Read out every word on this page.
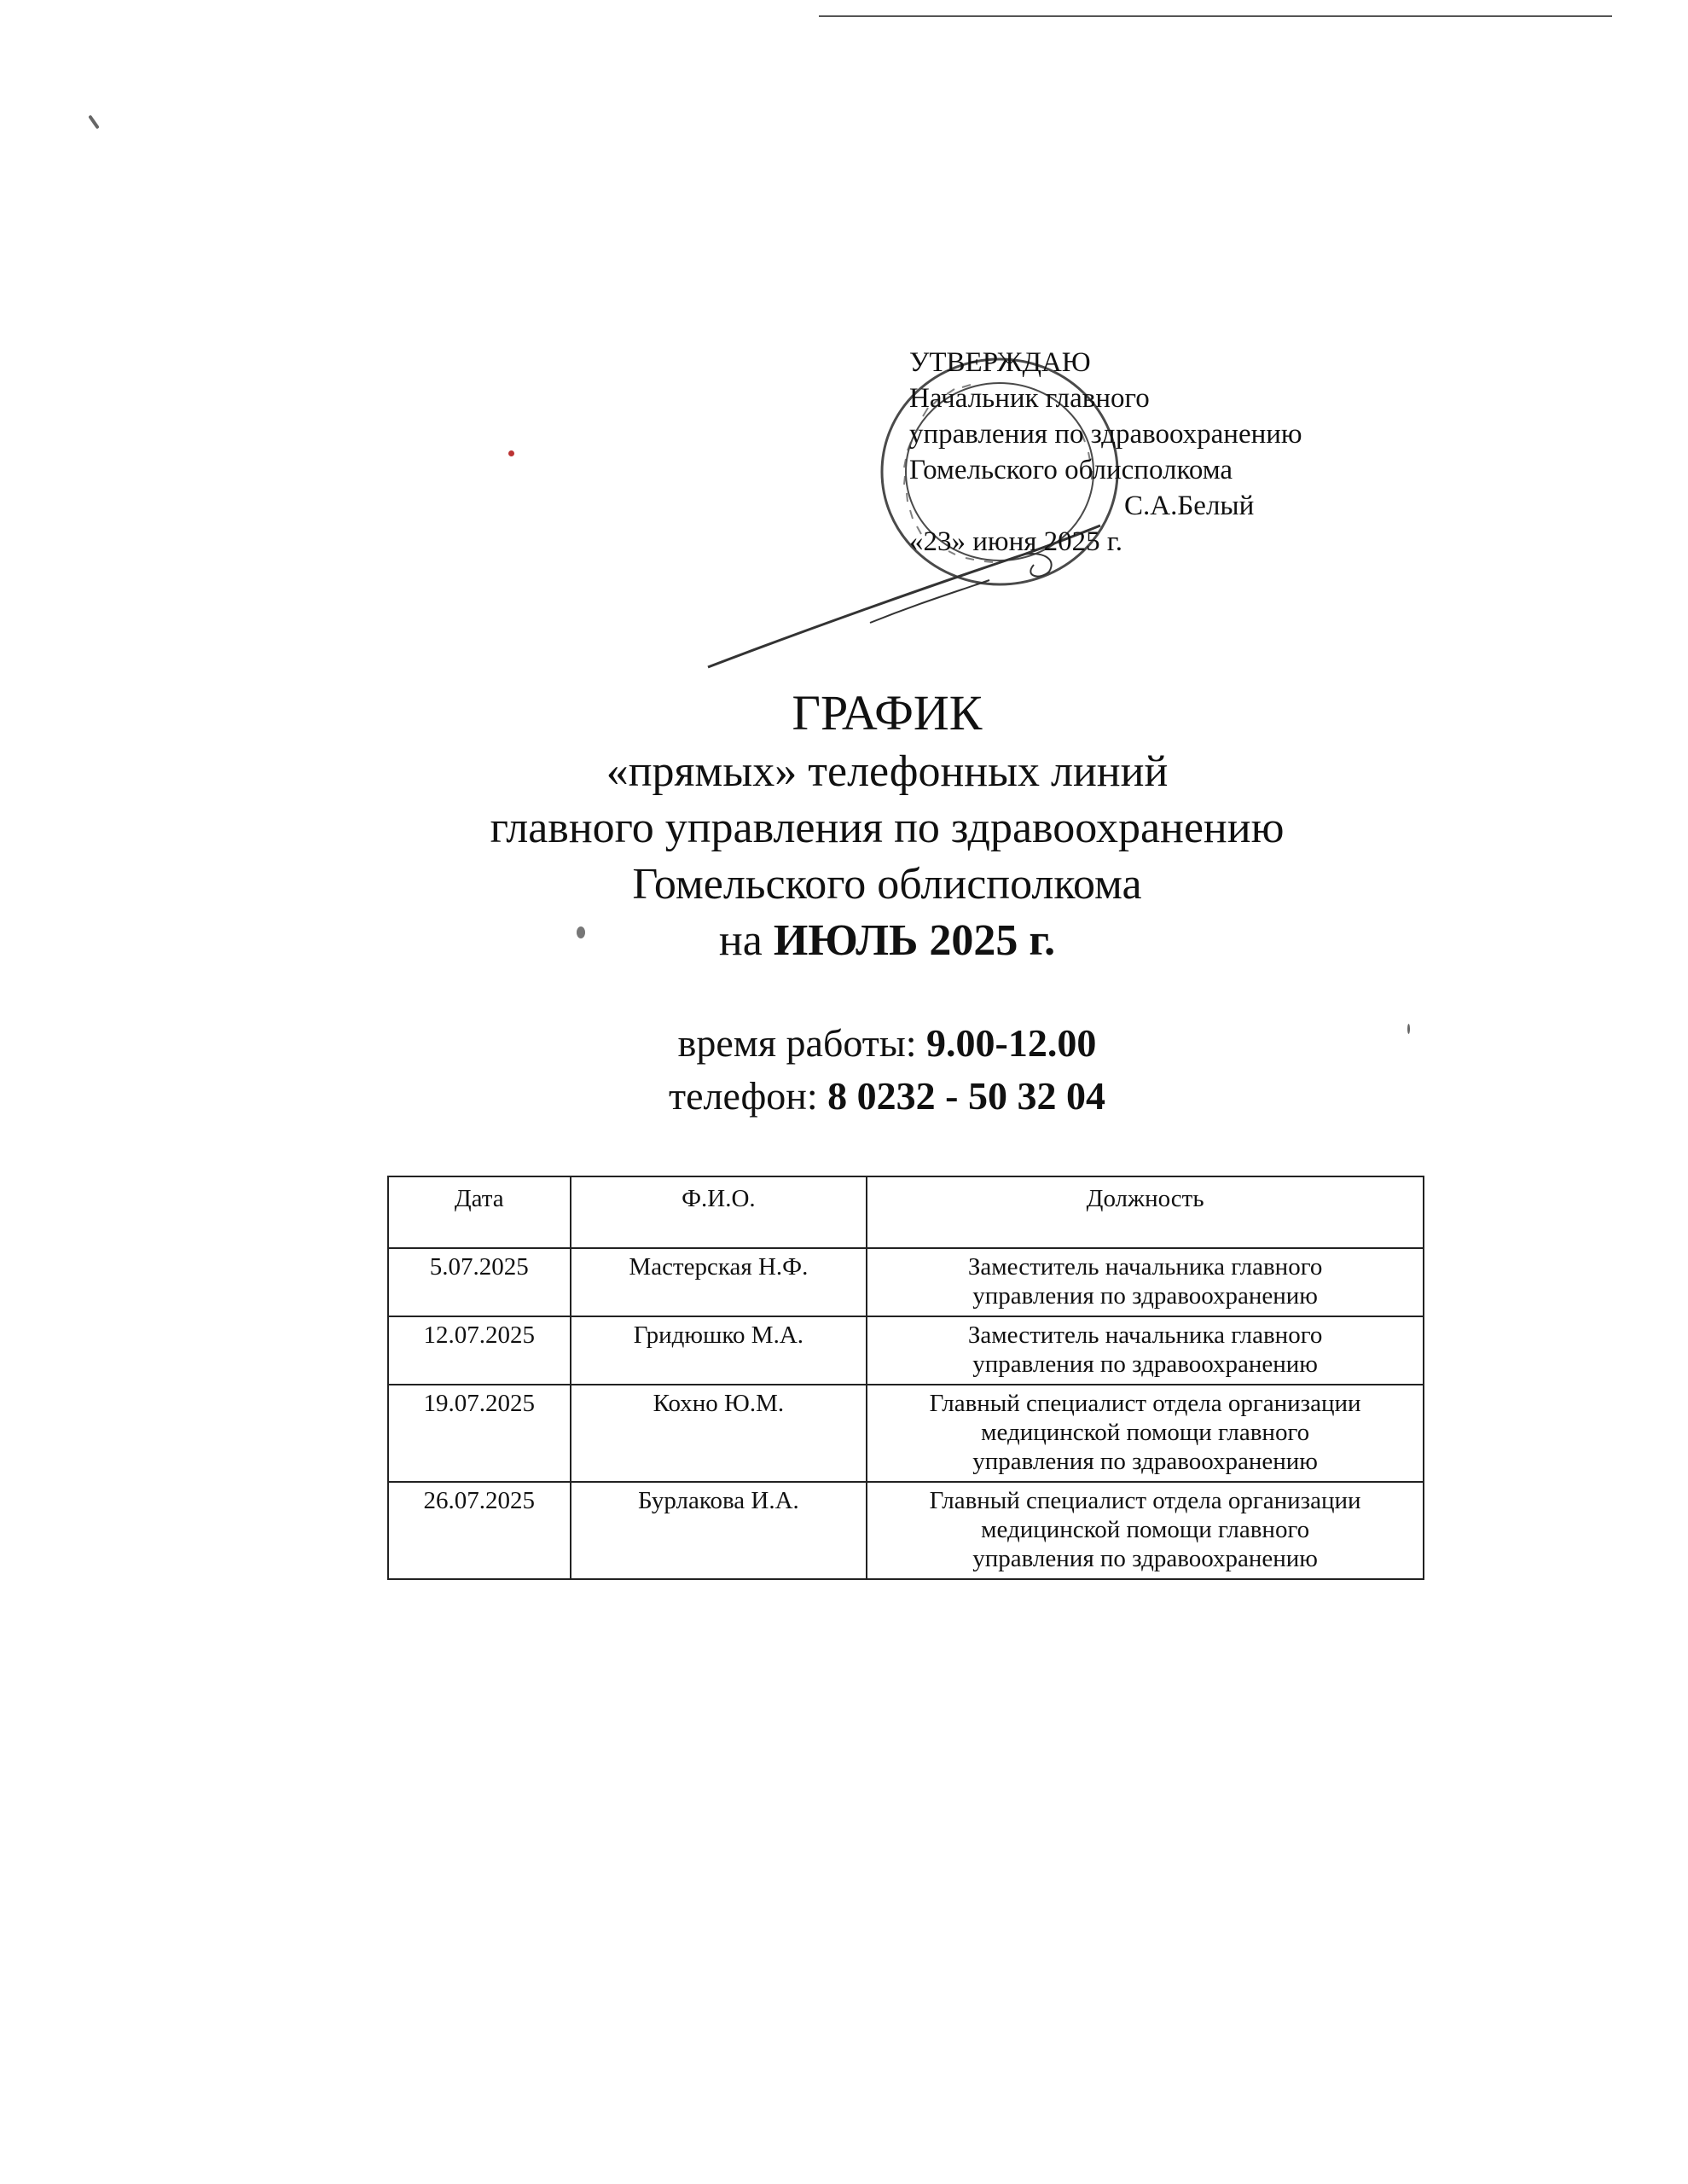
УТВЕРЖДАЮ
Начальник главного
управления по здравоохранению
Гомельского облисполкома
С.А.Белый
«23» июня 2025 г.
ГРАФИК
«прямых» телефонных линий
главного управления по здравоохранению
Гомельского облисполкома
на ИЮЛЬ 2025 г.
время работы: 9.00-12.00
телефон: 8 0232 - 50 32 04
Дата	Ф.И.О.	Должность
5.07.2025	Мастерская Н.Ф.	Заместитель начальника главного
управления по здравоохранению

12.07.2025	Гридюшко М.А.	Заместитель начальника главного
управления по здравоохранению

19.07.2025	Кохно Ю.М.	Главный специалист отдела организации
медицинской помощи главного
управления по здравоохранению

26.07.2025	Бурлакова И.А.	Главный специалист отдела организации
медицинской помощи главного
управления по здравоохранению
